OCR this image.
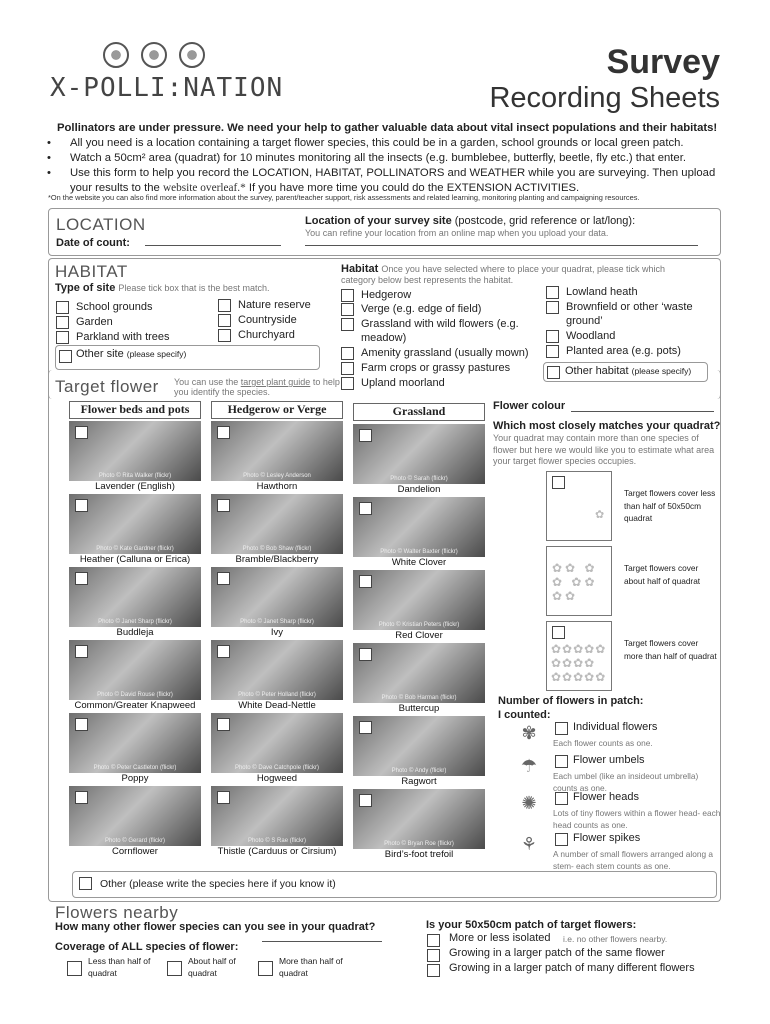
X-POLLI:NATION
Survey
Recording Sheets
Pollinators are under pressure. We need your help to gather valuable data about vital insect populations and their habitats!
• All you need is a location containing a target flower species, this could be in a garden, school grounds or local green patch.
• Watch a 50cm² area (quadrat) for 10 minutes monitoring all the insects (e.g. bumblebee, butterfly, beetle, fly etc.) that enter.
• Use this form to help you record the LOCATION, HABITAT, POLLINATORS and WEATHER while you are surveying. Then upload
your results to the website overleaf.* If you have more time you could do the EXTENSION ACTIVITIES.
*On the website you can also find more information about the survey, parent/teacher support, risk assessments and related learning, monitoring planting and campaigning resources.
LOCATION
Date of count:
Location of your survey site (postcode, grid reference or lat/long):
You can refine your location from an online map when you upload your data.
HABITAT
Type of site Please tick box that is the best match.
School grounds
Garden
Parkland with trees
Nature reserve
Countryside
Churchyard
Other site (please specify)
Habitat Once you have selected where to place your quadrat, please tick which category below best represents the habitat.
Hedgerow
Verge (e.g. edge of field)
Grassland with wild flowers (e.g. meadow)
Amenity grassland (usually mown)
Farm crops or grassy pastures
Upland moorland
Lowland heath
Brownfield or other ‘waste ground’
Woodland
Planted area (e.g. pots)
Other habitat (please specify)
Target flower You can use the target plant guide to help you identify the species.
Flower beds and pots	Hedgerow or Verge	Grassland
Photo © Rita Walker (flickr)
Lavender (English)
Photo © Kate Gardner (flickr)
Heather (Calluna or Erica)
Photo © Janet Sharp (flickr)
Buddleja
Photo © David Rouse (flickr)
Common/Greater Knapweed
Photo © Peter Castleton (flickr)
Poppy
Photo © Gerard (flickr)
Cornflower
Photo © Lesley Anderson
Hawthorn
Photo © Bob Shaw (flickr)
Bramble/Blackberry
Photo © Janet Sharp (flickr)
Ivy
Photo © Peter Holland (flickr)
White Dead-Nettle
Photo © Dave Catchpole (flickr)
Hogweed
Photo © S Rae (flickr)
Thistle (Carduus or Cirsium)
Photo © Sarah (flickr)
Dandelion
Photo © Walter Baxter (flickr)
White Clover
Photo © Kristian Peters (flickr)
Red Clover
Photo © Bob Harman (flickr)
Buttercup
Photo © Andy (flickr)
Ragwort
Photo © Bryan Roe (flickr)
Bird’s-foot trefoil
Other (please write the species here if you know it)
Flower colour
Which most closely matches your quadrat?
Your quadrat may contain more than one species of flower but here we would like you to estimate what area your target flower species occupies.
✿
Target flowers cover less than half of 50x50cm quadrat
✿✿ ✿
✿ ✿✿
✿✿
Target flowers cover about half of quadrat
✿✿✿✿✿
✿✿✿✿
✿✿✿✿✿
Target flowers cover more than half of quadrat
Number of flowers in patch:
I counted:
✾	Individual flowers
Each flower counts as one.
☂	Flower umbels
Each umbel (like an insideout umbrella) counts as one.
✺	Flower heads
Lots of tiny flowers within a flower head- each head counts as one.
⚘	Flower spikes
A number of small flowers arranged along a stem- each stem counts as one.
Flowers nearby
How many other flower species can you see in your quadrat?
Coverage of ALL species of flower:
Less than half of quadrat
About half of quadrat
More than half of quadrat
Is your 50x50cm patch of target flowers:
More or less isolated
Growing in a larger patch of the same flower
Growing in a larger patch of many different flowers
i.e. no other flowers nearby.
